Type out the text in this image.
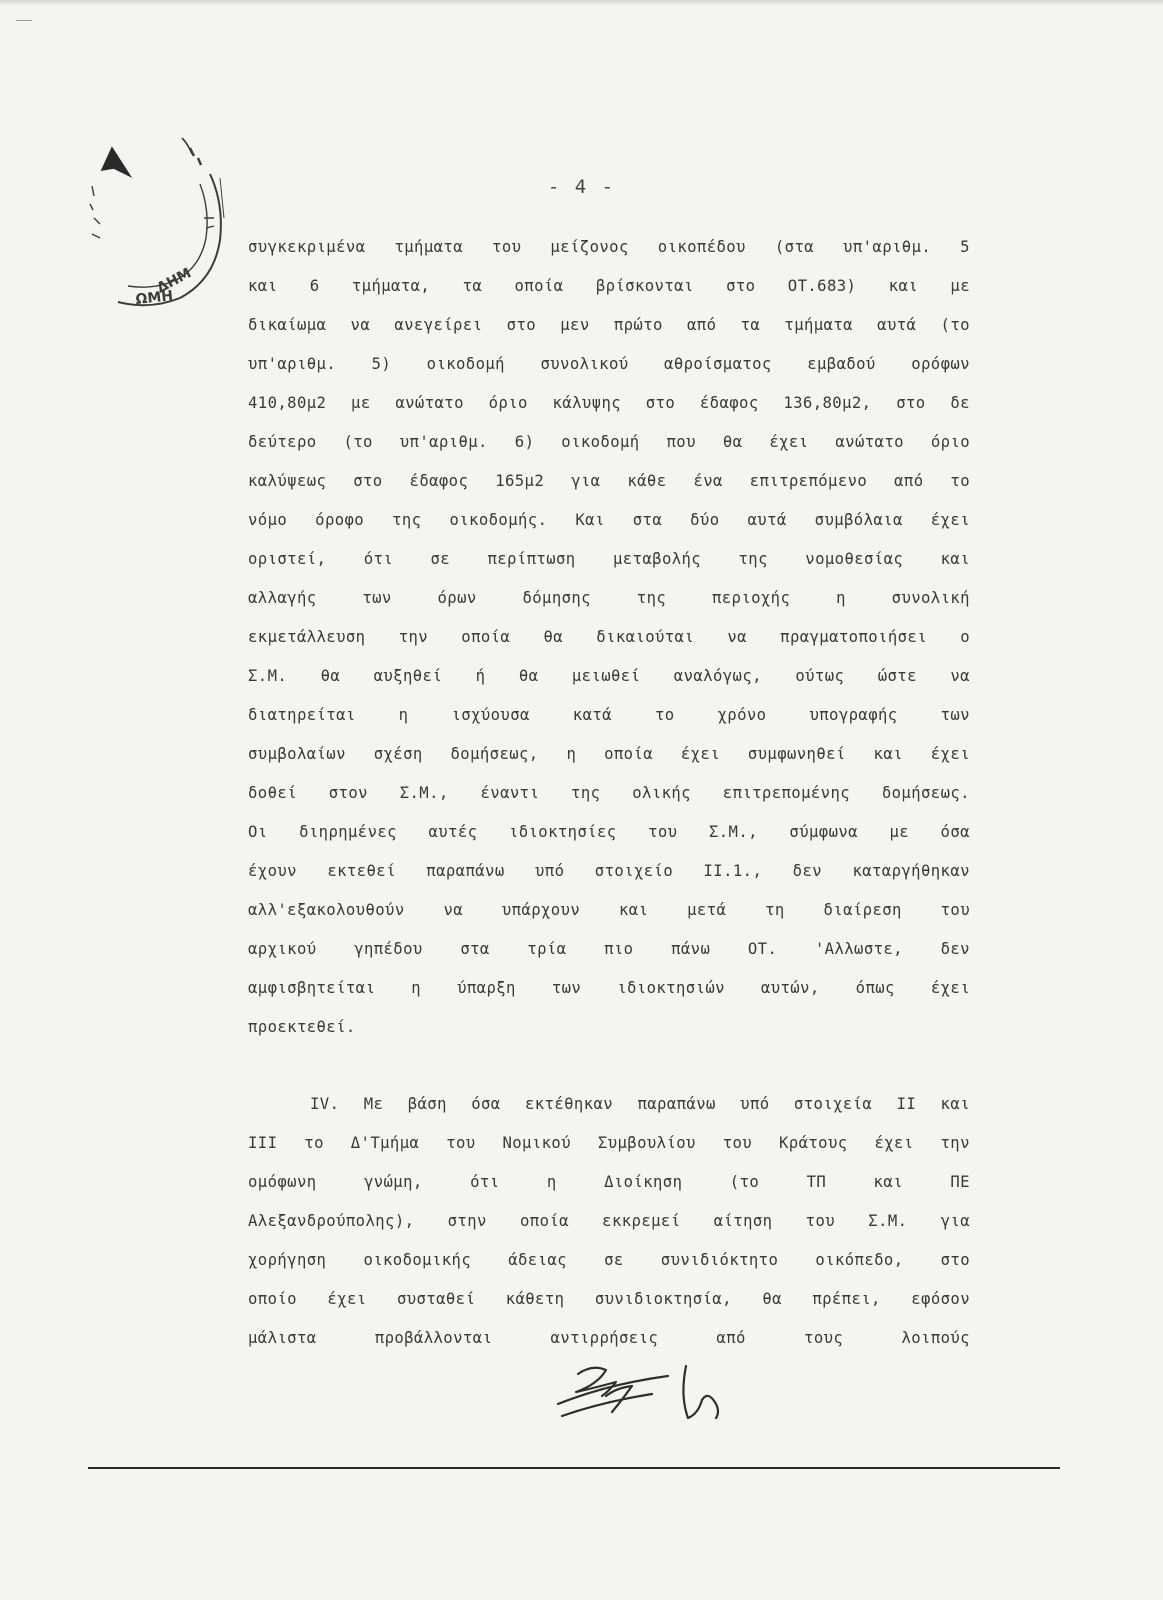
ΔΗΜ
ΩΜΗ
- 4 -
συγκεκριμένα τμήματα του μείζονος οικοπέδου (στα υπ'αριθμ. 5
και 6 τμήματα, τα οποία βρίσκονται στο ΟΤ.683) και με
δικαίωμα να ανεγείρει στο μεν πρώτο από τα τμήματα αυτά (το
υπ'αριθμ. 5) οικοδομή συνολικού αθροίσματος εμβαδού ορόφων
410,80μ2 με ανώτατο όριο κάλυψης στο έδαφος 136,80μ2, στο δε
δεύτερο (το υπ'αριθμ. 6) οικοδομή που θα έχει ανώτατο όριο
καλύψεως στο έδαφος 165μ2 για κάθε ένα επιτρεπόμενο από το
νόμο όροφο της οικοδομής. Και στα δύο αυτά συμβόλαια έχει
οριστεί, ότι σε περίπτωση μεταβολής της νομοθεσίας και
αλλαγής	των	όρων	δόμησης	της	περιοχής	η	συνολική
εκμετάλλευση την οποία θα δικαιούται να πραγματοποιήσει ο
Σ.Μ. θα αυξηθεί ή θα μειωθεί αναλόγως, ούτως ώστε να
διατηρείται	η	ισχύουσα	κατά	το	χρόνο	υπογραφής	των
συμβολαίων σχέση δομήσεως, η οποία έχει συμφωνηθεί και έχει
δοθεί στον Σ.Μ., έναντι της ολικής επιτρεπομένης δομήσεως.
Οι διηρημένες αυτές ιδιοκτησίες του Σ.Μ., σύμφωνα με όσα
έχουν εκτεθεί παραπάνω υπό στοιχείο ΙΙ.1., δεν καταργήθηκαν
αλλ'εξακολουθούν να υπάρχουν και μετά τη διαίρεση του
αρχικού γηπέδου στα τρία πιο πάνω ΟΤ. 'Αλλωστε, δεν
αμφισβητείται η ύπαρξη των ιδιοκτησιών αυτών, όπως έχει
προεκτεθεί.
ΙV. Με βάση όσα εκτέθηκαν παραπάνω υπό στοιχεία ΙΙ και
ΙΙΙ το Δ'Τμήμα του Νομικού Συμβουλίου του Κράτους έχει την
ομόφωνη	γνώμη,	ότι	η	Διοίκηση	(το	ΤΠ	και	ΠΕ
Αλεξανδρούπολης), στην οποία εκκρεμεί αίτηση του Σ.Μ. για
χορήγηση οικοδομικής άδειας σε συνιδιόκτητο οικόπεδο, στο
οποίο έχει συσταθεί κάθετη συνιδιοκτησία, θα πρέπει, εφόσον
μάλιστα	προβάλλονται	αντιρρήσεις	από	τους	λοιπούς
